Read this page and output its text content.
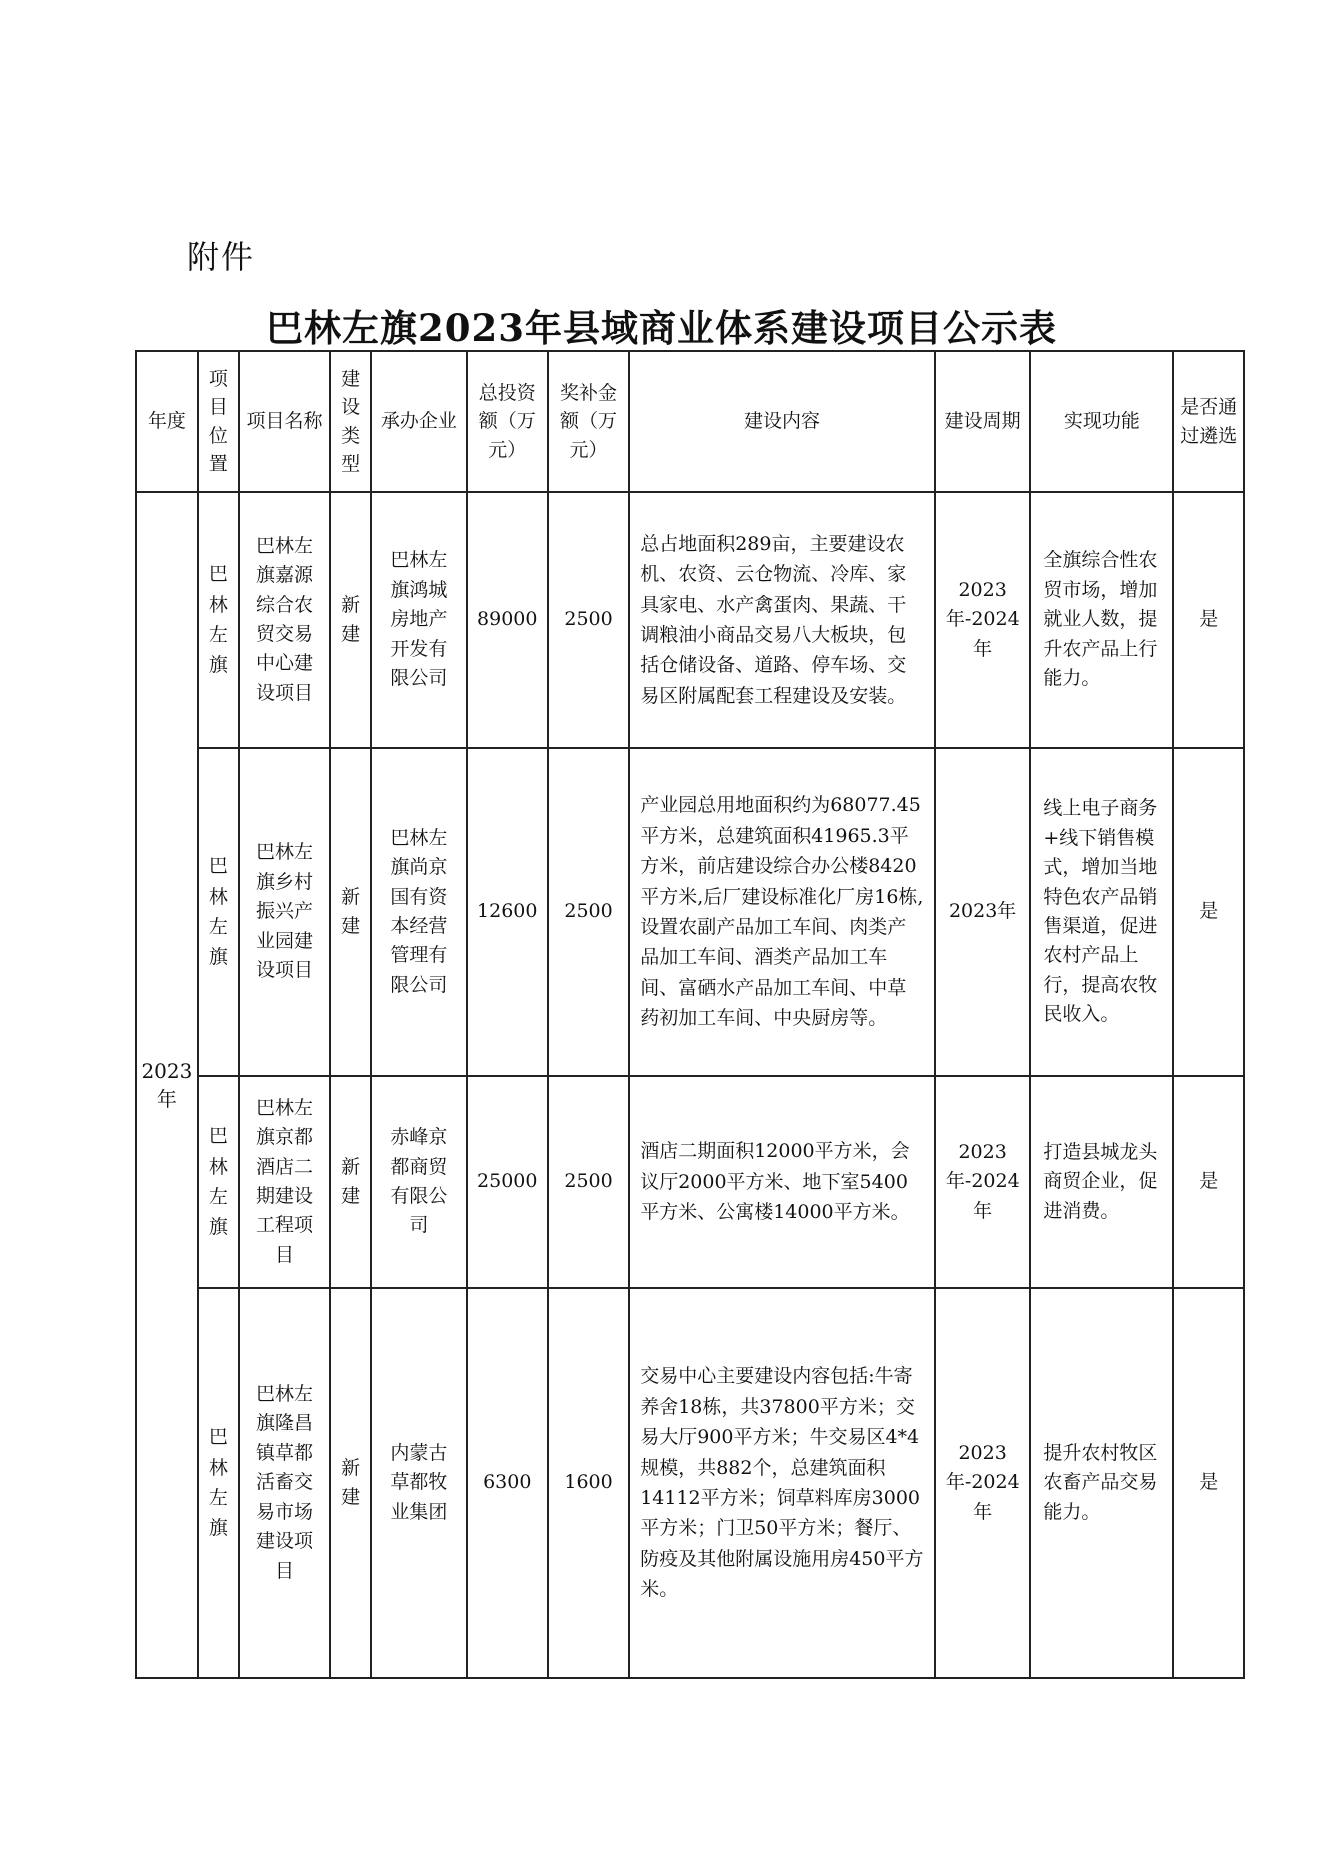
附件
巴林左旗2023年县域商业体系建设项目公示表
年度	项目位置	项目名称	建设类型	承办企业	总投资额（万元）	奖补金额（万元）	建设内容	建设周期	实现功能	是否通过遴选
2023年	巴林左旗	巴林左旗嘉源综合农贸交易中心建设项目	新建	巴林左旗鸿城房地产开发有限公司	89000	2500	总占地面积289亩，主要建设农机、农资、云仓物流、冷库、家具家电、水产禽蛋肉、果蔬、干调粮油小商品交易八大板块，包括仓储设备、道路、停车场、交易区附属配套工程建设及安装。	2023年-2024年	全旗综合性农贸市场，增加就业人数，提升农产品上行能力。	是
	巴林左旗	巴林左旗乡村振兴产业园建设项目	新建	巴林左旗尚京国有资本经营管理有限公司	12600	2500	产业园总用地面积约为68077.45平方米，总建筑面积41965.3平方米，前店建设综合办公楼8420平方米,后厂建设标准化厂房16栋,设置农副产品加工车间、肉类产品加工车间、酒类产品加工车间、富硒水产品加工车间、中草药初加工车间、中央厨房等。	2023年	线上电子商务+线下销售模式，增加当地特色农产品销售渠道，促进农村产品上行，提高农牧民收入。	是
	巴林左旗	巴林左旗京都酒店二期建设工程项目	新建	赤峰京都商贸有限公司	25000	2500	酒店二期面积12000平方米，会议厅2000平方米、地下室5400平方米、公寓楼14000平方米。	2023年-2024年	打造县城龙头商贸企业，促进消费。	是
	巴林左旗	巴林左旗隆昌镇草都活畜交易市场建设项目	新建	内蒙古草都牧业集团	6300	1600	交易中心主要建设内容包括:牛寄养舍18栋，共37800平方米；交易大厅900平方米；牛交易区4*4规模，共882个，总建筑面积14112平方米；饲草料库房3000平方米；门卫50平方米；餐厅、防疫及其他附属设施用房450平方米。	2023年-2024年	提升农村牧区农畜产品交易能力。	是
